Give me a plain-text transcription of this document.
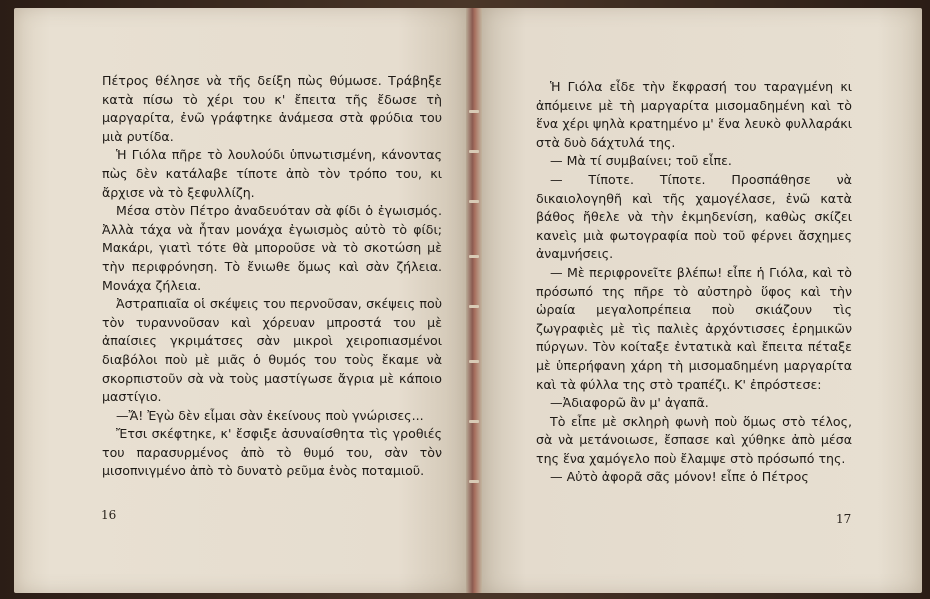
Πέτρος θέλησε νὰ τῆς δείξη πὼς θύμωσε. Τράβηξε κατὰ πίσω τὸ χέρι του κ' ἔπειτα τῆς ἔδωσε τὴ μαργαρίτα, ἐνῶ γράφτηκε ἀνάμεσα στὰ φρύδια του μιὰ ρυτίδα.

Ἡ Γιόλα πῆρε τὸ λουλούδι ὑπνωτισμένη, κάνοντας πὼς δὲν κατάλαβε τίποτε ἀπὸ τὸν τρόπο του, κι ἄρχισε νὰ τὸ ξεφυλλίζη.

Μέσα στὸν Πέτρο ἀναδευόταν σὰ φίδι ὁ ἐγωισμός. Ἀλλὰ τάχα νὰ ἦταν μονάχα ἐγωισμὸς αὐτὸ τὸ φίδι; Μακάρι, γιατὶ τότε θὰ μποροῦσε νὰ τὸ σκοτώση μὲ τὴν περιφρόνηση. Τὸ ἔνιωθε ὅμως καὶ σὰν ζήλεια. Μονάχα ζήλεια.

Ἀστραπιαῖα οἱ σκέψεις του περνοῦσαν, σκέψεις ποὺ τὸν τυραννοῦσαν καὶ χόρευαν μπροστά του μὲ ἀπαίσιες γκριμάτσες σὰν μικροὶ χειροπιασμένοι διαβόλοι ποὺ μὲ μιᾶς ὁ θυμός του τοὺς ἔκαμε νὰ σκορπιστοῦν σὰ νὰ τοὺς μαστίγωσε ἄγρια μὲ κάποιο μαστίγιο.

—Ἄ! Ἐγὼ δὲν εἶμαι σὰν ἐκείνους ποὺ γνώρισες...

Ἔτσι σκέφτηκε, κ' ἔσφιξε ἀσυναίσθητα τὶς γροθιές του παρασυρμένος ἀπὸ τὸ θυμό του, σὰν τὸν μισοπνιγμένο ἀπὸ τὸ δυνατὸ ρεῦμα ἑνὸς ποταμιοῦ.

16

Ἡ Γιόλα εἶδε τὴν ἔκφρασή του ταραγμένη κι ἀπόμεινε μὲ τὴ μαργαρίτα μισομαδημένη καὶ τὸ ἕνα χέρι ψηλὰ κρατημένο μ' ἕνα λευκὸ φυλλαράκι στὰ δυὸ δάχτυλά της.

— Μὰ τί συμβαίνει; τοῦ εἶπε.

— Τίποτε. Τίποτε. Προσπάθησε νὰ δικαιολογηθῆ καὶ τῆς χαμογέλασε, ἐνῶ κατὰ βάθος ἤθελε νὰ τὴν ἐκμηδενίση, καθὼς σκίζει κανεὶς μιὰ φωτογραφία ποὺ τοῦ φέρνει ἄσχημες ἀναμνήσεις.

— Μὲ περιφρονεῖτε βλέπω! εἶπε ἡ Γιόλα, καὶ τὸ πρόσωπό της πῆρε τὸ αὐστηρὸ ὕφος καὶ τὴν ὡραία μεγαλοπρέπεια ποὺ σκιάζουν τὶς ζωγραφιὲς μὲ τὶς παλιὲς ἀρχόντισσες ἐρημικῶν πύργων. Τὸν κοίταξε ἐντατικὰ καὶ ἔπειτα πέταξε μὲ ὑπερήφανη χάρη τὴ μισομαδημένη μαργαρίτα καὶ τὰ φύλλα της στὸ τραπέζι. Κ' ἐπρόστεσε:

—Ἀδιαφορῶ ἂν μ' ἀγαπᾶ.

Τὸ εἶπε μὲ σκληρὴ φωνὴ ποὺ ὅμως στὸ τέλος, σὰ νὰ μετάνοιωσε, ἔσπασε καὶ χύθηκε ἀπὸ μέσα της ἕνα χαμόγελο ποὺ ἔλαμψε στὸ πρόσωπό της.

— Αὐτὸ ἀφορᾶ σᾶς μόνον! εἶπε ὁ Πέτρος

17
